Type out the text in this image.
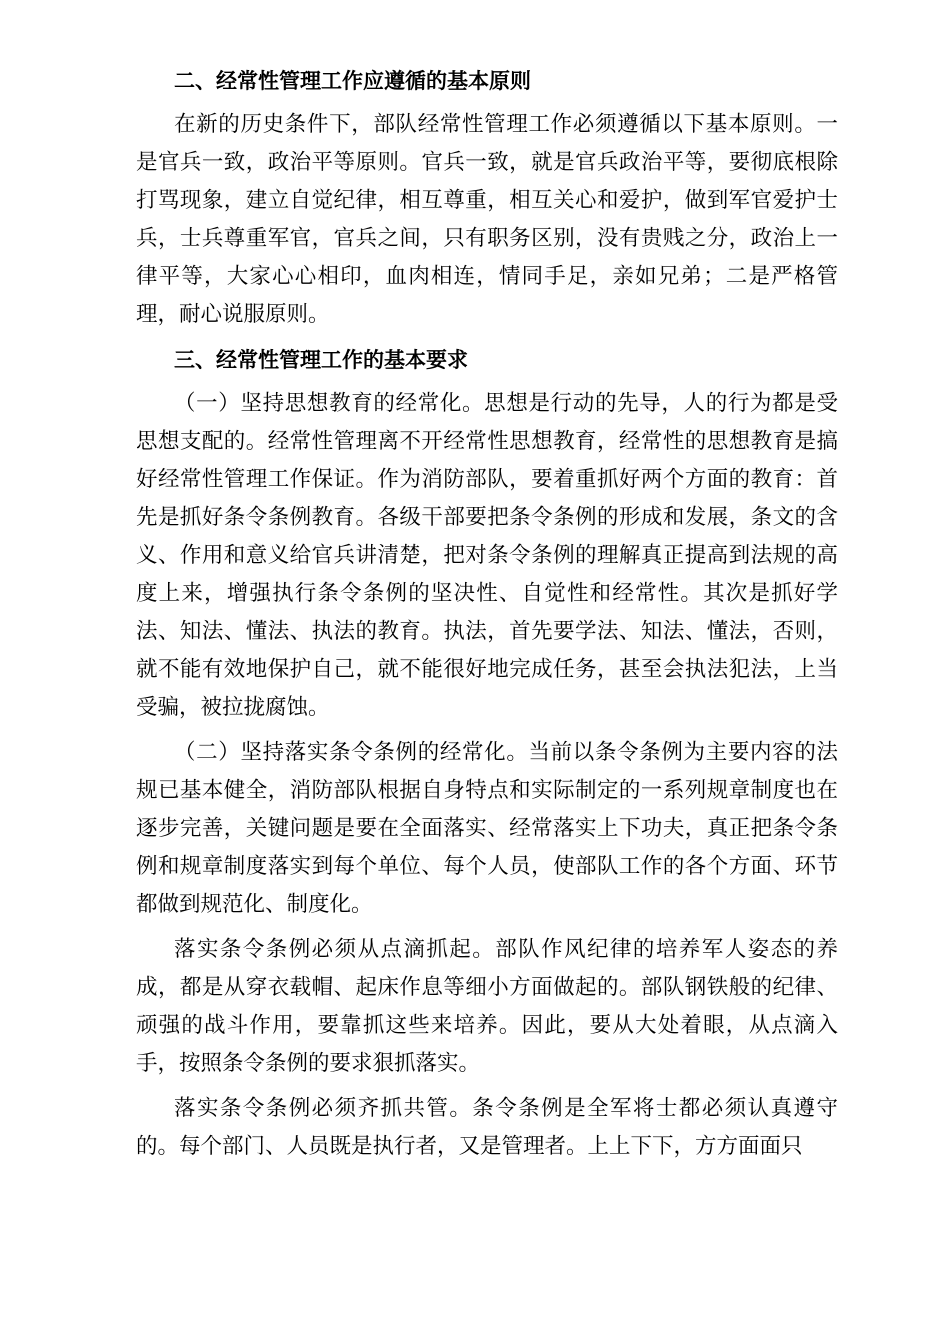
二、经常性管理工作应遵循的基本原则

在新的历史条件下，部队经常性管理工作必须遵循以下基本原则。一是官兵一致，政治平等原则。官兵一致，就是官兵政治平等，要彻底根除打骂现象，建立自觉纪律，相互尊重，相互关心和爱护，做到军官爱护士兵，士兵尊重军官，官兵之间，只有职务区别，没有贵贱之分，政治上一律平等，大家心心相印，血肉相连，情同手足，亲如兄弟；二是严格管理，耐心说服原则。

三、经常性管理工作的基本要求

（一）坚持思想教育的经常化。思想是行动的先导，人的行为都是受思想支配的。经常性管理离不开经常性思想教育，经常性的思想教育是搞好经常性管理工作保证。作为消防部队，要着重抓好两个方面的教育：首先是抓好条令条例教育。各级干部要把条令条例的形成和发展，条文的含义、作用和意义给官兵讲清楚，把对条令条例的理解真正提高到法规的高度上来，增强执行条令条例的坚决性、自觉性和经常性。其次是抓好学法、知法、懂法、执法的教育。执法，首先要学法、知法、懂法，否则，就不能有效地保护自己，就不能很好地完成任务，甚至会执法犯法，上当受骗，被拉拢腐蚀。

（二）坚持落实条令条例的经常化。当前以条令条例为主要内容的法规已基本健全，消防部队根据自身特点和实际制定的一系列规章制度也在逐步完善，关键问题是要在全面落实、经常落实上下功夫，真正把条令条例和规章制度落实到每个单位、每个人员，使部队工作的各个方面、环节都做到规范化、制度化。

落实条令条例必须从点滴抓起。部队作风纪律的培养军人姿态的养成，都是从穿衣载帽、起床作息等细小方面做起的。部队钢铁般的纪律、顽强的战斗作用，要靠抓这些来培养。因此，要从大处着眼，从点滴入手，按照条令条例的要求狠抓落实。

落实条令条例必须齐抓共管。条令条例是全军将士都必须认真遵守的。每个部门、人员既是执行者，又是管理者。上上下下，方方面面只
